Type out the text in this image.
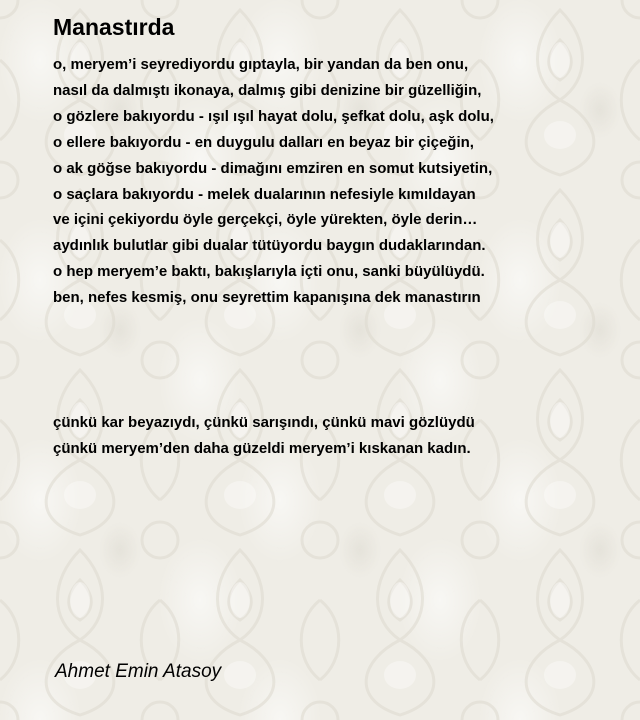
Manastırda
o, meryem’i seyrediyordu gıptayla, bir yandan da ben onu,
nasıl da dalmıştı ikonaya, dalmış gibi denizine bir güzelliğin,
o gözlere bakıyordu - ışıl ışıl hayat dolu, şefkat dolu, aşk dolu,
o ellere bakıyordu - en duygulu dalları en beyaz bir çiçeğin,
o ak göğse bakıyordu - dimağını emziren en somut kutsiyetin,
o saçlara bakıyordu - melek dualarının nefesiyle kımıldayan
ve içini çekiyordu öyle gerçekçi, öyle yürekten, öyle derin…
aydınlık bulutlar gibi dualar tütüyordu baygın dudaklarından.
o hep meryem’e baktı, bakışlarıyla içti onu, sanki büyülüydü.
ben, nefes kesmiş, onu seyrettim kapanışına dek manastırın
çünkü kar beyazıydı, çünkü sarışındı, çünkü mavi gözlüydü
çünkü meryem’den daha güzeldi meryem’i kıskanan kadın.

Ahmet Emin Atasoy
